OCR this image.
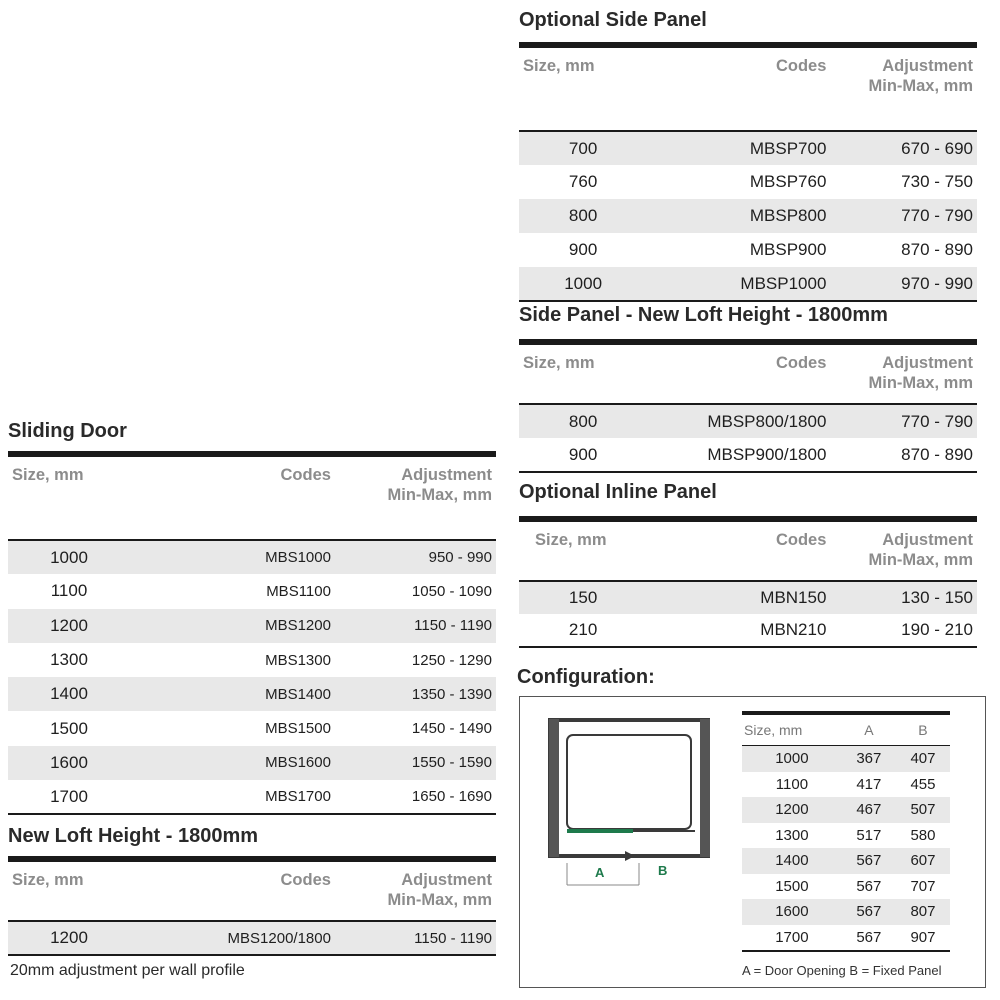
Optional Side Panel
Size, mm	Codes	Adjustment
Min-Max, mm
700	MBSP700	670 - 690
760	MBSP760	730 - 750
800	MBSP800	770 - 790
900	MBSP900	870 - 890
1000	MBSP1000	970 - 990
Side Panel - New Loft Height - 1800mm
Size, mm	Codes	Adjustment
Min-Max, mm
800	MBSP800/1800	770 - 790
900	MBSP900/1800	870 - 890
Optional Inline Panel
Size, mm	Codes	Adjustment
Min-Max, mm
150	MBN150	130 - 150
210	MBN210	190 - 210
Sliding Door
Size, mm	Codes	Adjustment
Min-Max, mm
1000	MBS1000	950 - 990
1100	MBS1100	1050 - 1090
1200	MBS1200	1150 - 1190
1300	MBS1300	1250 - 1290
1400	MBS1400	1350 - 1390
1500	MBS1500	1450 - 1490
1600	MBS1600	1550 - 1590
1700	MBS1700	1650 - 1690
New Loft Height - 1800mm
Size, mm	Codes	Adjustment
Min-Max, mm
1200	MBS1200/1800	1150 - 1190
20mm adjustment per wall profile
Configuration:
A	B
Size, mm	A	B
1000	367	407
1100	417	455
1200	467	507
1300	517	580
1400	567	607
1500	567	707
1600	567	807
1700	567	907
A = Door Opening B = Fixed Panel
